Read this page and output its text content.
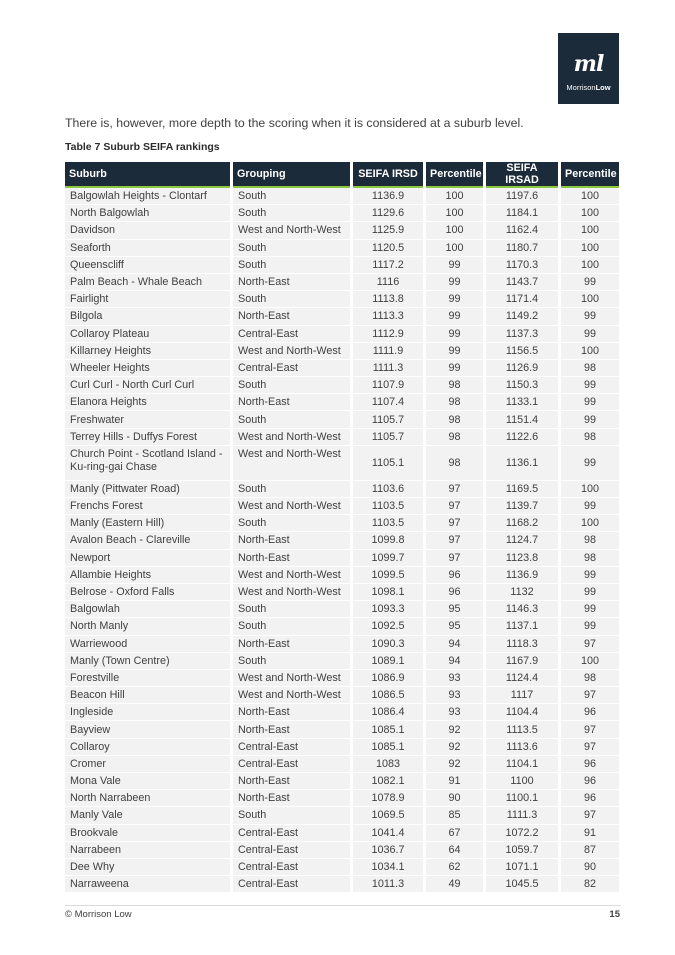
ml
MorrisonLow
There is, however, more depth to the scoring when it is considered at a suburb level.
Table 7 Suburb SEIFA rankings
Suburb	Grouping	SEIFA IRSD	Percentile	SEIFA IRSAD	Percentile
Balgowlah Heights - Clontarf	South	1136.9	100	1197.6	100
North Balgowlah	South	1129.6	100	1184.1	100
Davidson	West and North-West	1125.9	100	1162.4	100
Seaforth	South	1120.5	100	1180.7	100
Queenscliff	South	1117.2	99	1170.3	100
Palm Beach - Whale Beach	North-East	1116	99	1143.7	99
Fairlight	South	1113.8	99	1171.4	100
Bilgola	North-East	1113.3	99	1149.2	99
Collaroy Plateau	Central-East	1112.9	99	1137.3	99
Killarney Heights	West and North-West	1111.9	99	1156.5	100
Wheeler Heights	Central-East	1111.3	99	1126.9	98
Curl Curl - North Curl Curl	South	1107.9	98	1150.3	99
Elanora Heights	North-East	1107.4	98	1133.1	99
Freshwater	South	1105.7	98	1151.4	99
Terrey Hills - Duffys Forest	West and North-West	1105.7	98	1122.6	98
Church Point - Scotland Island - Ku-ring-gai Chase	West and North-West	1105.1	98	1136.1	99
Manly (Pittwater Road)	South	1103.6	97	1169.5	100
Frenchs Forest	West and North-West	1103.5	97	1139.7	99
Manly (Eastern Hill)	South	1103.5	97	1168.2	100
Avalon Beach - Clareville	North-East	1099.8	97	1124.7	98
Newport	North-East	1099.7	97	1123.8	98
Allambie Heights	West and North-West	1099.5	96	1136.9	99
Belrose - Oxford Falls	West and North-West	1098.1	96	1132	99
Balgowlah	South	1093.3	95	1146.3	99
North Manly	South	1092.5	95	1137.1	99
Warriewood	North-East	1090.3	94	1118.3	97
Manly (Town Centre)	South	1089.1	94	1167.9	100
Forestville	West and North-West	1086.9	93	1124.4	98
Beacon Hill	West and North-West	1086.5	93	1117	97
Ingleside	North-East	1086.4	93	1104.4	96
Bayview	North-East	1085.1	92	1113.5	97
Collaroy	Central-East	1085.1	92	1113.6	97
Cromer	Central-East	1083	92	1104.1	96
Mona Vale	North-East	1082.1	91	1100	96
North Narrabeen	North-East	1078.9	90	1100.1	96
Manly Vale	South	1069.5	85	1111.3	97
Brookvale	Central-East	1041.4	67	1072.2	91
Narrabeen	Central-East	1036.7	64	1059.7	87
Dee Why	Central-East	1034.1	62	1071.1	90
Narraweena	Central-East	1011.3	49	1045.5	82
© Morrison Low	15
